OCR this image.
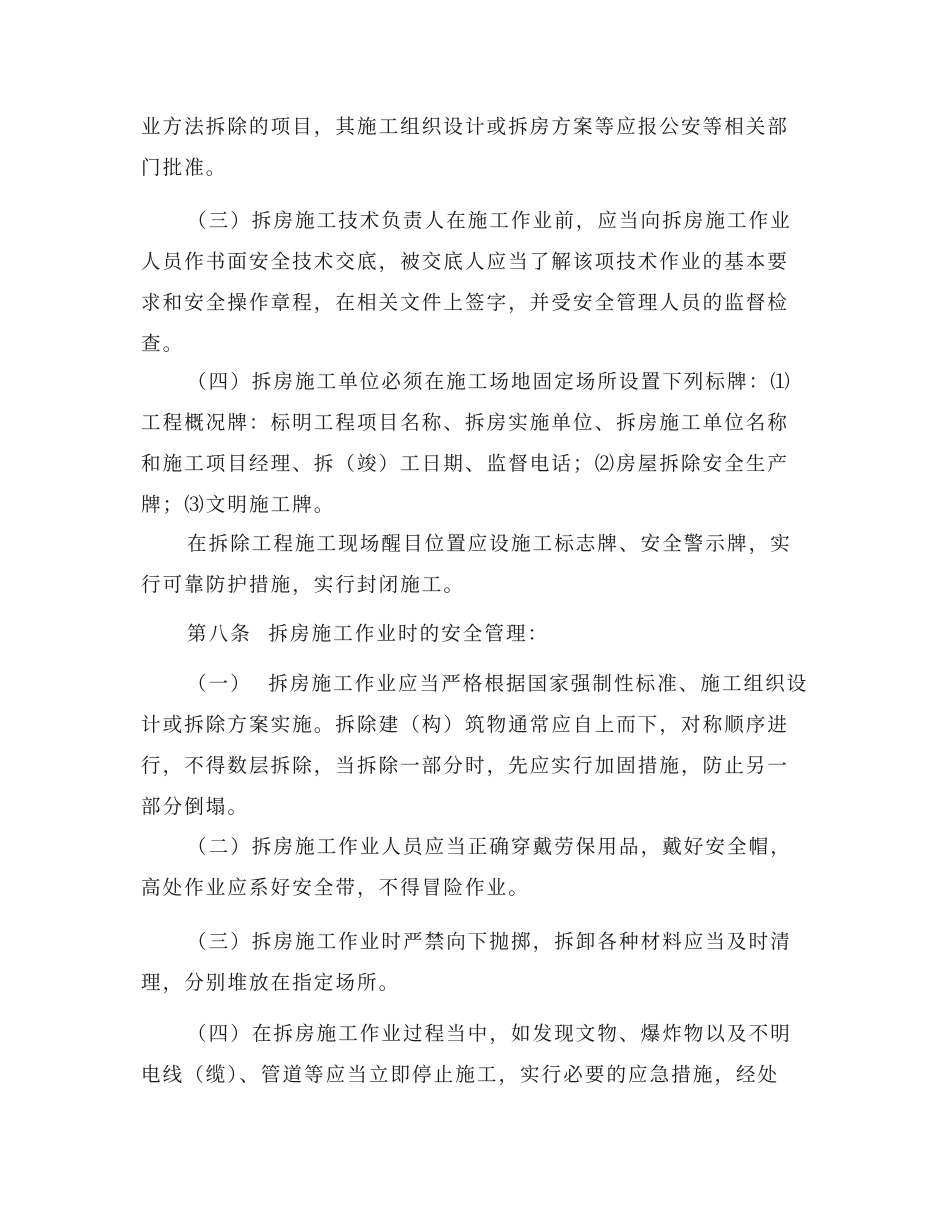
业方法拆除的项目，其施工组织设计或拆房方案等应报公安等相关部
门批准。
（三）拆房施工技术负责人在施工作业前，应当向拆房施工作业
人员作书面安全技术交底，被交底人应当了解该项技术作业的基本要
求和安全操作章程，在相关文件上签字，并受安全管理人员的监督检
查。
（四）拆房施工单位必须在施工场地固定场所设置下列标牌：⑴
工程概况牌：标明工程项目名称、拆房实施单位、拆房施工单位名称
和施工项目经理、拆（竣）工日期、监督电话；⑵房屋拆除安全生产
牌；⑶文明施工牌。
在拆除工程施工现场醒目位置应设施工标志牌、安全警示牌，实
行可靠防护措施，实行封闭施工。
第八条  拆房施工作业时的安全管理：
（一）  拆房施工作业应当严格根据国家强制性标准、施工组织设
计或拆除方案实施。拆除建（构）筑物通常应自上而下，对称顺序进
行，不得数层拆除，当拆除一部分时，先应实行加固措施，防止另一
部分倒塌。
（二）拆房施工作业人员应当正确穿戴劳保用品，戴好安全帽，
高处作业应系好安全带，不得冒险作业。
（三）拆房施工作业时严禁向下抛掷，拆卸各种材料应当及时清
理，分别堆放在指定场所。
（四）在拆房施工作业过程当中，如发现文物、爆炸物以及不明
电线（缆）、管道等应当立即停止施工，实行必要的应急措施，经处
